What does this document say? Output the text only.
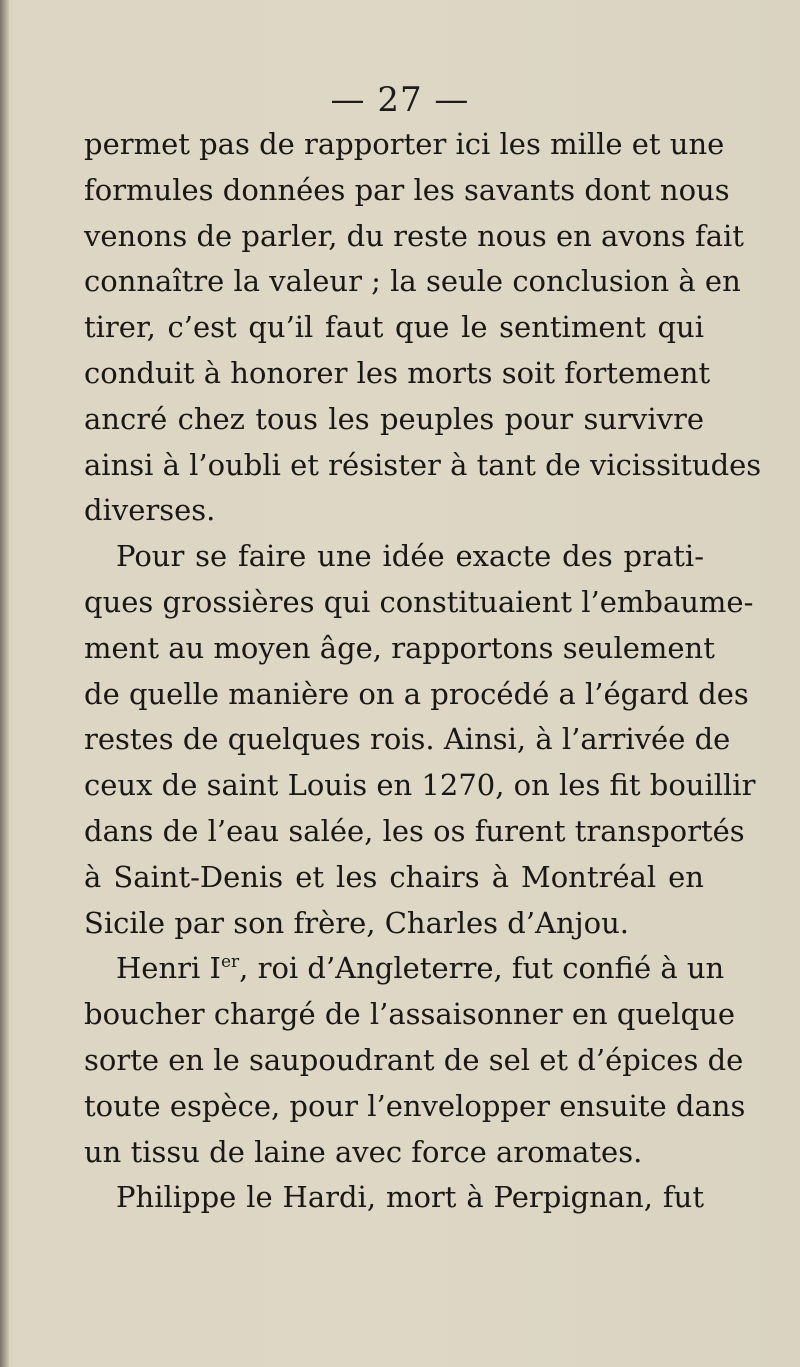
— 27 —
permet pas de rapporter ici les mille et une
formules données par les savants dont nous
venons de parler, du reste nous en avons fait
connaître la valeur ; la seule conclusion à en
tirer, c’est qu’il faut que le sentiment qui
conduit à honorer les morts soit fortement
ancré chez tous les peuples pour survivre
ainsi à l’oubli et résister à tant de vicissitudes
diverses.
Pour se faire une idée exacte des prati-
ques grossières qui constituaient l’embaume-
ment au moyen âge, rapportons seulement
de quelle manière on a procédé a l’égard des
restes de quelques rois. Ainsi, à l’arrivée de
ceux de saint Louis en 1270, on les fit bouillir
dans de l’eau salée, les os furent transportés
à Saint-Denis et les chairs à Montréal en
Sicile par son frère, Charles d’Anjou.
Henri Ier, roi d’Angleterre, fut confié à un
boucher chargé de l’assaisonner en quelque
sorte en le saupoudrant de sel et d’épices de
toute espèce, pour l’envelopper ensuite dans
un tissu de laine avec force aromates.
Philippe le Hardi, mort à Perpignan, fut
